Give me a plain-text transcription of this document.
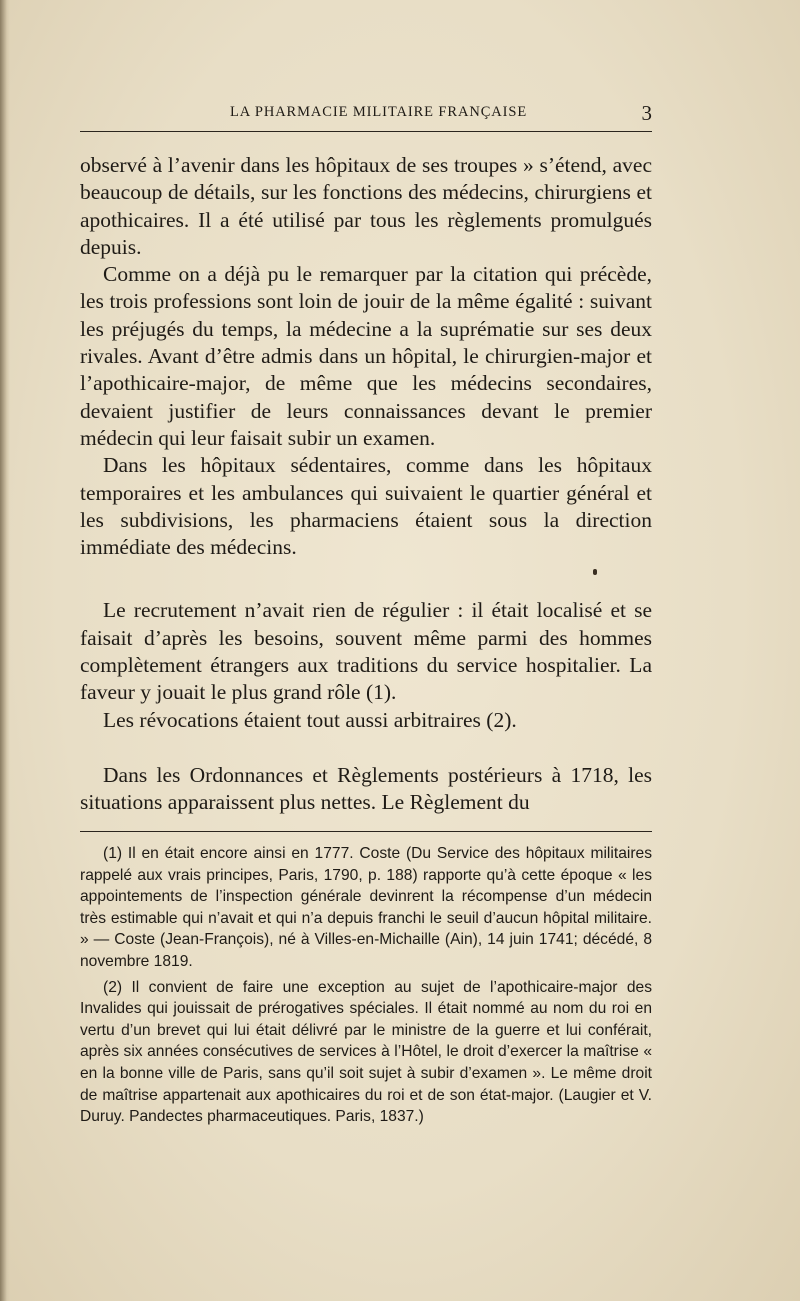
LA PHARMACIE MILITAIRE FRANÇAISE	3

observé à l’avenir dans les hôpitaux de ses troupes » s’étend, avec beaucoup de détails, sur les fonctions des médecins, chirurgiens et apothicaires. Il a été utilisé par tous les règlements promulgués depuis.

Comme on a déjà pu le remarquer par la citation qui précède, les trois professions sont loin de jouir de la même égalité : suivant les préjugés du temps, la médecine a la suprématie sur ses deux rivales. Avant d’être admis dans un hôpital, le chirurgien-major et l’apothicaire-major, de même que les médecins secondaires, devaient justifier de leurs connaissances devant le premier médecin qui leur faisait subir un examen.

Dans les hôpitaux sédentaires, comme dans les hôpitaux temporaires et les ambulances qui suivaient le quartier général et les subdivisions, les pharmaciens étaient sous la direction immédiate des médecins.

Le recrutement n’avait rien de régulier : il était localisé et se faisait d’après les besoins, souvent même parmi des hommes complètement étrangers aux traditions du service hospitalier. La faveur y jouait le plus grand rôle (1).

Les révocations étaient tout aussi arbitraires (2).

Dans les Ordonnances et Règlements postérieurs à 1718, les situations apparaissent plus nettes. Le Règlement du

(1) Il en était encore ainsi en 1777. Coste (Du Service des hôpitaux militaires rappelé aux vrais principes, Paris, 1790, p. 188) rapporte qu’à cette époque « les appointements de l’inspection générale devinrent la récompense d’un médecin très estimable qui n’avait et qui n’a depuis franchi le seuil d’aucun hôpital militaire. » — Coste (Jean-François), né à Villes-en-Michaille (Ain), 14 juin 1741; décédé, 8 novembre 1819.

(2) Il convient de faire une exception au sujet de l’apothicaire-major des Invalides qui jouissait de prérogatives spéciales. Il était nommé au nom du roi en vertu d’un brevet qui lui était délivré par le ministre de la guerre et lui conférait, après six années consécutives de services à l’Hôtel, le droit d’exercer la maîtrise « en la bonne ville de Paris, sans qu’il soit sujet à subir d’examen ». Le même droit de maîtrise appartenait aux apothicaires du roi et de son état-major. (Laugier et V. Duruy. Pandectes pharmaceutiques. Paris, 1837.)
